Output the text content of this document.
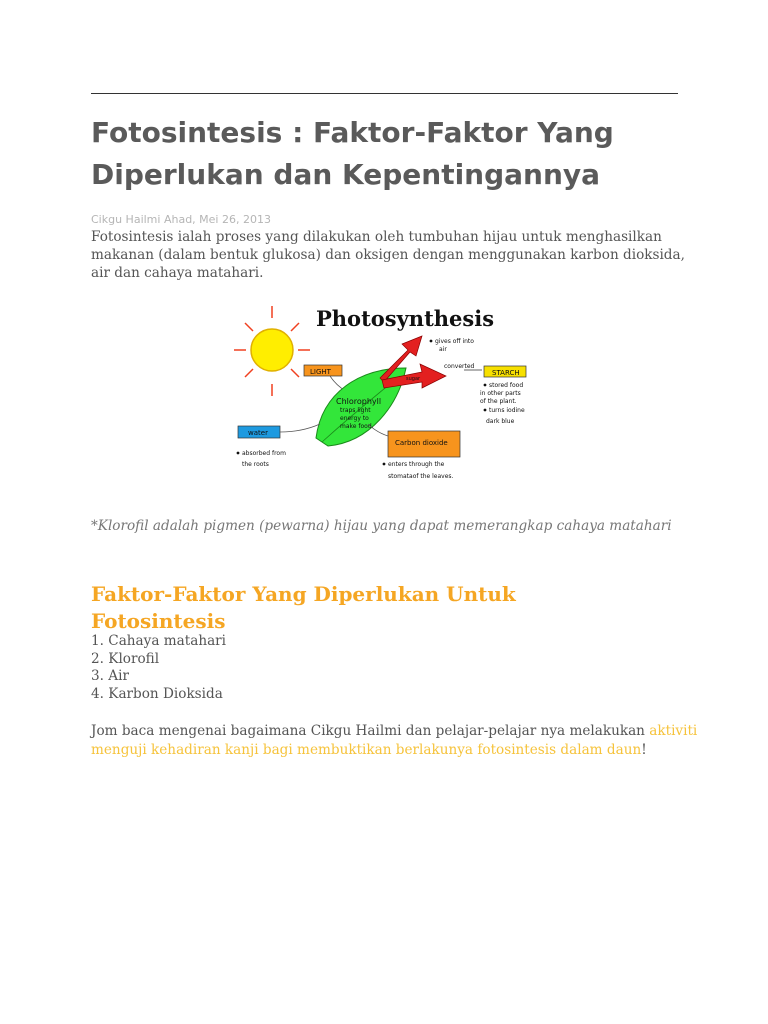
Fotosintesis : Faktor-Faktor Yang Diperlukan dan Kepentingannya
Cikgu Hailmi Ahad, Mei 26, 2013

Fotosintesis ialah proses yang dilakukan oleh tumbuhan hijau untuk menghasilkan makanan (dalam bentuk glukosa) dan oksigen dengan menggunakan karbon dioksida, air dan cahaya matahari.

Photosynthesis
LIGHT
Chlorophyll
traps light
energy to
make food.
sugar
gives off into
air
converted
STARCH
stored food
in other parts
of the plant.
turns iodine
dark blue
water
absorbed from
the roots
Carbon dioxide
enters through the
stomataof the leaves.

*Klorofil adalah pigmen (pewarna) hijau yang dapat memerangkap cahaya matahari

Faktor-Faktor Yang Diperlukan Untuk Fotosintesis
1. Cahaya matahari
2. Klorofil
3. Air
4. Karbon Dioksida

Jom baca mengenai bagaimana Cikgu Hailmi dan pelajar-pelajar nya melakukan aktiviti menguji kehadiran kanji bagi membuktikan berlakunya fotosintesis dalam daun!
